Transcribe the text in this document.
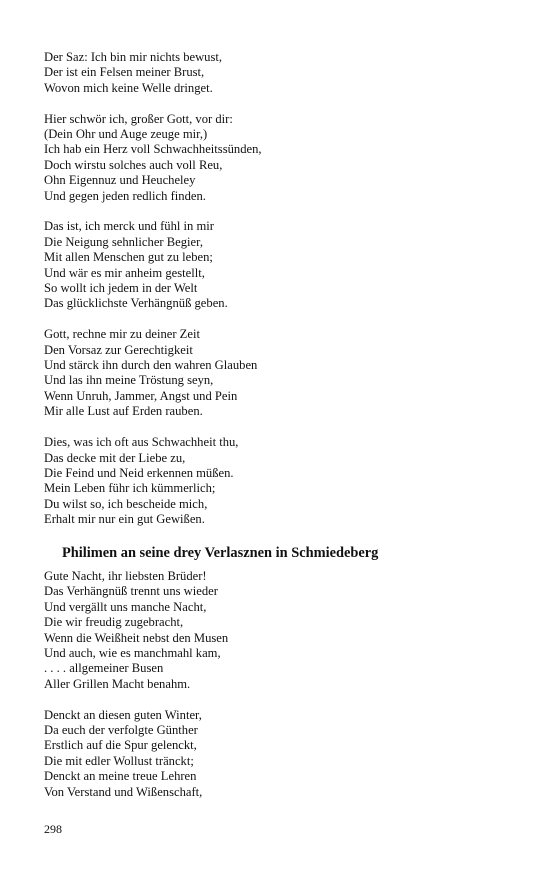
Der Saz: Ich bin mir nichts bewust,
Der ist ein Felsen meiner Brust,
Wovon mich keine Welle dringet.
Hier schwör ich, großer Gott, vor dir:
(Dein Ohr und Auge zeuge mir,)
Ich hab ein Herz voll Schwachheitssünden,
Doch wirstu solches auch voll Reu,
Ohn Eigennuz und Heucheley
Und gegen jeden redlich finden.
Das ist, ich merck und fühl in mir
Die Neigung sehnlicher Begier,
Mit allen Menschen gut zu leben;
Und wär es mir anheim gestellt,
So wollt ich jedem in der Welt
Das glücklichste Verhängnüß geben.
Gott, rechne mir zu deiner Zeit
Den Vorsaz zur Gerechtigkeit
Und stärck ihn durch den wahren Glauben
Und las ihn meine Tröstung seyn,
Wenn Unruh, Jammer, Angst und Pein
Mir alle Lust auf Erden rauben.
Dies, was ich oft aus Schwachheit thu,
Das decke mit der Liebe zu,
Die Feind und Neid erkennen müßen.
Mein Leben führ ich kümmerlich;
Du wilst so, ich bescheide mich,
Erhalt mir nur ein gut Gewißen.
Philimen an seine drey Verlasznen in Schmiedeberg
Gute Nacht, ihr liebsten Brüder!
Das Verhängnüß trennt uns wieder
Und vergällt uns manche Nacht,
Die wir freudig zugebracht,
Wenn die Weißheit nebst den Musen
Und auch, wie es manchmahl kam,
. . . . allgemeiner Busen
Aller Grillen Macht benahm.
Denckt an diesen guten Winter,
Da euch der verfolgte Günther
Erstlich auf die Spur gelenckt,
Die mit edler Wollust tränckt;
Denckt an meine treue Lehren
Von Verstand und Wißenschaft,
298
